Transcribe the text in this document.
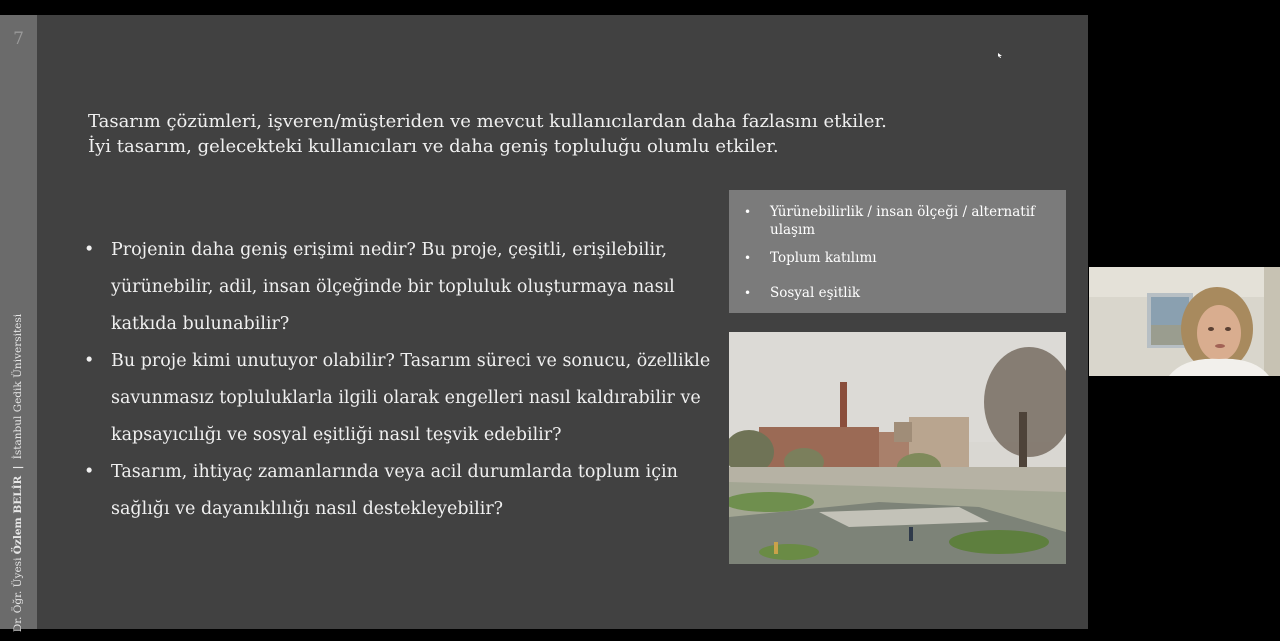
7
Dr. Öğr. Üyesi Özlem BELİR | İstanbul Gedik Üniversitesi
Tasarım çözümleri, işveren/müşteriden ve mevcut kullanıcılardan daha fazlasını etkiler.
İyi tasarım, gelecekteki kullanıcıları ve daha geniş topluluğu olumlu etkiler.
• Projenin daha geniş erişimi nedir? Bu proje, çeşitli, erişilebilir, yürünebilir, adil, insan ölçeğinde bir topluluk oluşturmaya nasıl katkıda bulunabilir?
• Bu proje kimi unutuyor olabilir? Tasarım süreci ve sonucu, özellikle savunmasız topluluklarla ilgili olarak engelleri nasıl kaldırabilir ve kapsayıcılığı ve sosyal eşitliği nasıl teşvik edebilir?
• Tasarım, ihtiyaç zamanlarında veya acil durumlarda toplum için sağlığı ve dayanıklılığı nasıl destekleyebilir?
• Yürünebilirlik / insan ölçeği / alternatif ulaşım
• Toplum katılımı
• Sosyal eşitlik
